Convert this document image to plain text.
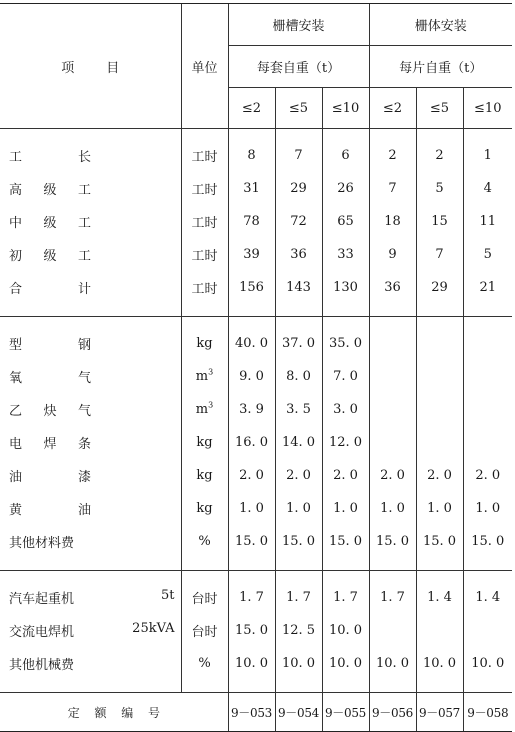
项目	单位	栅槽安装			栅体安装		
		每套自重（t）			每片自重（t）		
		≤2	≤5	≤10	≤2	≤5	≤10

工长	工时	8	7	6	2	2	1

高级工	工时	31	29	26	7	5	4

中级工	工时	78	72	65	18	15	11

初级工	工时	39	36	33	9	7	5

合计	工时	156	143	130	36	29	21

型钢	kg	40. 0	37. 0	35. 0			

氧气	$m^3$	9. 0	8. 0	7. 0			

乙炔气	$m^3$	3. 9	3. 5	3. 0			

电焊条	kg	16. 0	14. 0	12. 0			

油漆	kg	2. 0	2. 0	2. 0	2. 0	2. 0	2. 0

黄油	kg	1. 0	1. 0	1. 0	1. 0	1. 0	1. 0

其他材料费	%	15. 0	15. 0	15. 0	15. 0	15. 0	15. 0

汽车起重机 5t	台时	1. 7	1. 7	1. 7	1. 7	1. 4	1. 4

交流电焊机 25kVA	台时	15. 0	12. 5	10. 0			

其他机械费	%	10. 0	10. 0	10. 0	10. 0	10. 0	10. 0

定额编号		9－053	9－054	9－055	9－056	9－057	9－058
